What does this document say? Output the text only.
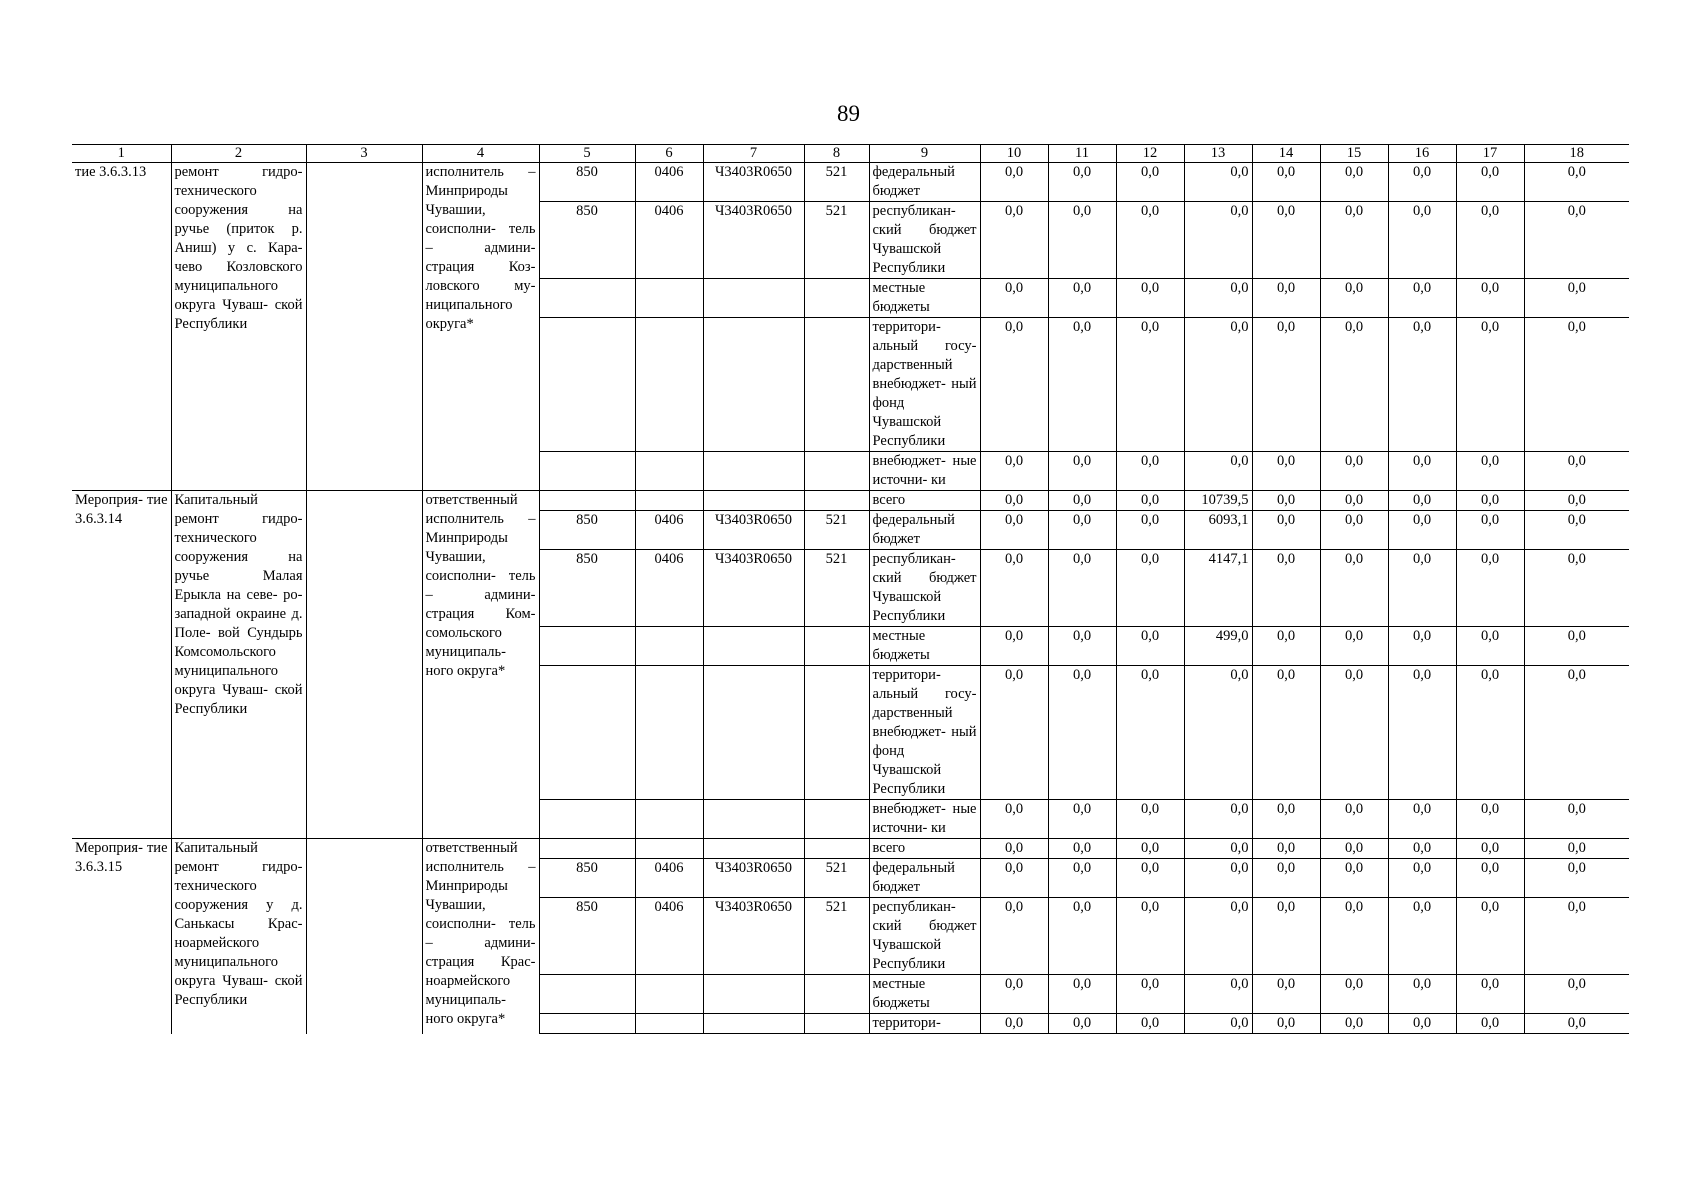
89
1	2	3	4	5	6	7	8	9	10	11	12	13	14	15	16	17	18
тие 3.6.3.13	ремонт гидро- технического сооружения на ручье (приток р. Аниш) у с. Кара- чево Козловского муниципального округа Чуваш- ской Республики		исполнитель – Минприроды Чувашии, соисполни- тель – админи- страция Коз- ловского му- ниципального округа*	850	0406	Ч3403R0650	521	федеральный бюджет	0,0	0,0	0,0	0,0	0,0	0,0	0,0	0,0	0,0
				850	0406	Ч3403R0650	521	республикан- ский бюджет Чувашской Республики	0,0	0,0	0,0	0,0	0,0	0,0	0,0	0,0	0,0
								местные бюджеты	0,0	0,0	0,0	0,0	0,0	0,0	0,0	0,0	0,0
								территори- альный госу- дарственный внебюджет- ный фонд Чувашской Республики	0,0	0,0	0,0	0,0	0,0	0,0	0,0	0,0	0,0
								внебюджет- ные источни- ки	0,0	0,0	0,0	0,0	0,0	0,0	0,0	0,0	0,0
Мероприя- тие 3.6.3.14	Капитальный ремонт гидро- технического сооружения на ручье Малая Ерыкла на севе- ро-западной окраине д. Поле- вой Сундырь Комсомольского муниципального округа Чуваш- ской Республики		ответственный исполнитель – Минприроды Чувашии, соисполни- тель – админи- страция Ком- сомольского муниципаль- ного округа*					всего	0,0	0,0	0,0	10739,5	0,0	0,0	0,0	0,0	0,0
				850	0406	Ч3403R0650	521	федеральный бюджет	0,0	0,0	0,0	6093,1	0,0	0,0	0,0	0,0	0,0
				850	0406	Ч3403R0650	521	республикан- ский бюджет Чувашской Республики	0,0	0,0	0,0	4147,1	0,0	0,0	0,0	0,0	0,0
								местные бюджеты	0,0	0,0	0,0	499,0	0,0	0,0	0,0	0,0	0,0
								территори- альный госу- дарственный внебюджет- ный фонд Чувашской Республики	0,0	0,0	0,0	0,0	0,0	0,0	0,0	0,0	0,0
								внебюджет- ные источни- ки	0,0	0,0	0,0	0,0	0,0	0,0	0,0	0,0	0,0
Мероприя- тие 3.6.3.15	Капитальный ремонт гидро- технического сооружения у д. Санькасы Крас- ноармейского муниципального округа Чуваш- ской Республики		ответственный исполнитель – Минприроды Чувашии, соисполни- тель – админи- страция Крас- ноармейского муниципаль- ного округа*					всего	0,0	0,0	0,0	0,0	0,0	0,0	0,0	0,0	0,0
				850	0406	Ч3403R0650	521	федеральный бюджет	0,0	0,0	0,0	0,0	0,0	0,0	0,0	0,0	0,0
				850	0406	Ч3403R0650	521	республикан- ский бюджет Чувашской Республики	0,0	0,0	0,0	0,0	0,0	0,0	0,0	0,0	0,0
								местные бюджеты	0,0	0,0	0,0	0,0	0,0	0,0	0,0	0,0	0,0
								территори-	0,0	0,0	0,0	0,0	0,0	0,0	0,0	0,0	0,0
